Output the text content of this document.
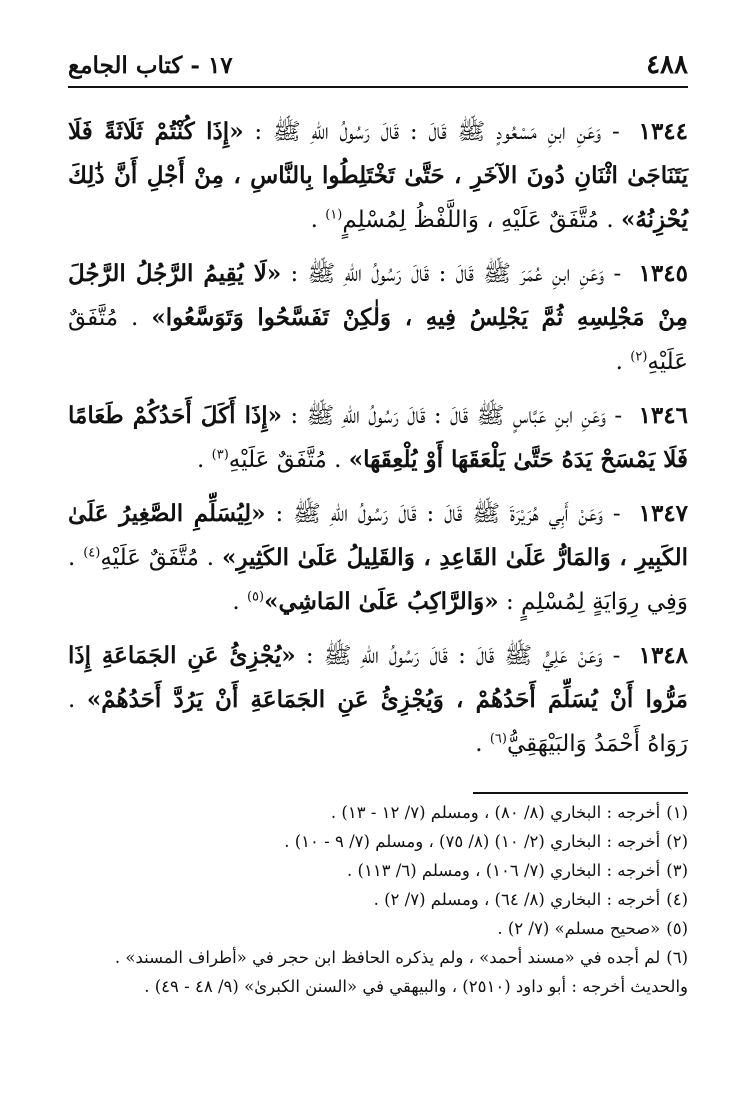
٤٨٨
١٧ - كتاب الجامع

١٣٤٤ - وَعَنِ ابنِ مَسْعُودٍ ﷺ قَالَ : قَالَ رَسُولُ اللهِ ﷺ : «إِذَا كُنْتُمْ ثَلَاثَةً فَلَا يَتَنَاجَىٰ اثْنَانِ دُونَ الآخَرِ ، حَتَّىٰ تَخْتَلِطُوا بِالنَّاسِ ، مِنْ أَجْلِ أَنَّ ذَٰلِكَ يُحْزِنُهُ» . مُتَّفَقٌ عَلَيْهِ ، وَاللَّفْظُ لِمُسْلِمٍ$^{(١)}$ .

١٣٤٥ - وَعَنِ ابنِ عُمَرَ ﷺ قَالَ : قَالَ رَسُولُ اللهِ ﷺ : «لَا يُقِيمُ الرَّجُلُ الرَّجُلَ مِنْ مَجْلِسِهِ ثُمَّ يَجْلِسُ فِيهِ ، وَلٰكِنْ تَفَسَّحُوا وَتَوَسَّعُوا» . مُتَّفَقٌ عَلَيْهِ$^{(٢)}$ .

١٣٤٦ - وَعَنِ ابنِ عَبَّاسٍ ﷺ قَالَ : قَالَ رَسُولُ اللهِ ﷺ : «إِذَا أَكَلَ أَحَدُكُمْ طَعَامًا فَلَا يَمْسَحْ يَدَهُ حَتَّىٰ يَلْعَقَهَا أَوْ يُلْعِقَهَا» . مُتَّفَقٌ عَلَيْهِ$^{(٣)}$ .

١٣٤٧ - وَعَنْ أَبِي هُرَيْرَةَ ﷺ قَالَ : قَالَ رَسُولُ اللهِ ﷺ : «لِيُسَلِّمِ الصَّغِيرُ عَلَىٰ الكَبِيرِ ، وَالمَارُّ عَلَىٰ القَاعِدِ ، وَالقَلِيلُ عَلَىٰ الكَثِيرِ» . مُتَّفَقٌ عَلَيْهِ$^{(٤)}$ . وَفِي رِوَايَةٍ لِمُسْلِمٍ : «وَالرَّاكِبُ عَلَىٰ المَاشِي»$^{(٥)}$ .

١٣٤٨ - وَعَنْ عَلِيٍّ ﷺ قَالَ : قَالَ رَسُولُ اللهِ ﷺ : «يُجْزِئُ عَنِ الجَمَاعَةِ إِذَا مَرُّوا أَنْ يُسَلِّمَ أَحَدُهُمْ ، وَيُجْزِئُ عَنِ الجَمَاعَةِ أَنْ يَرُدَّ أَحَدُهُمْ» . رَوَاهُ أَحْمَدُ وَالبَيْهَقِيُّ$^{(٦)}$ .

(١)أخرجه : البخاري (٨/ ٨٠) ، ومسلم (٧/ ١٢ - ١٣) .

(٢)أخرجه : البخاري (٢/ ١٠) (٨/ ٧٥) ، ومسلم (٧/ ٩ - ١٠) .

(٣)أخرجه : البخاري (٧/ ١٠٦) ، ومسلم (٦/ ١١٣) .

(٤)أخرجه : البخاري (٨/ ٦٤) ، ومسلم (٧/ ٢) .

(٥)«صحيح مسلم» (٧/ ٢) .

(٦)لم أجده في «مسند أحمد» ، ولم يذكره الحافظ ابن حجر في «أطراف المسند» . والحديث أخرجه : أبو داود (٢٥١٠) ، والبيهقي في «السنن الكبرىٰ» (٩/ ٤٨ - ٤٩) .
